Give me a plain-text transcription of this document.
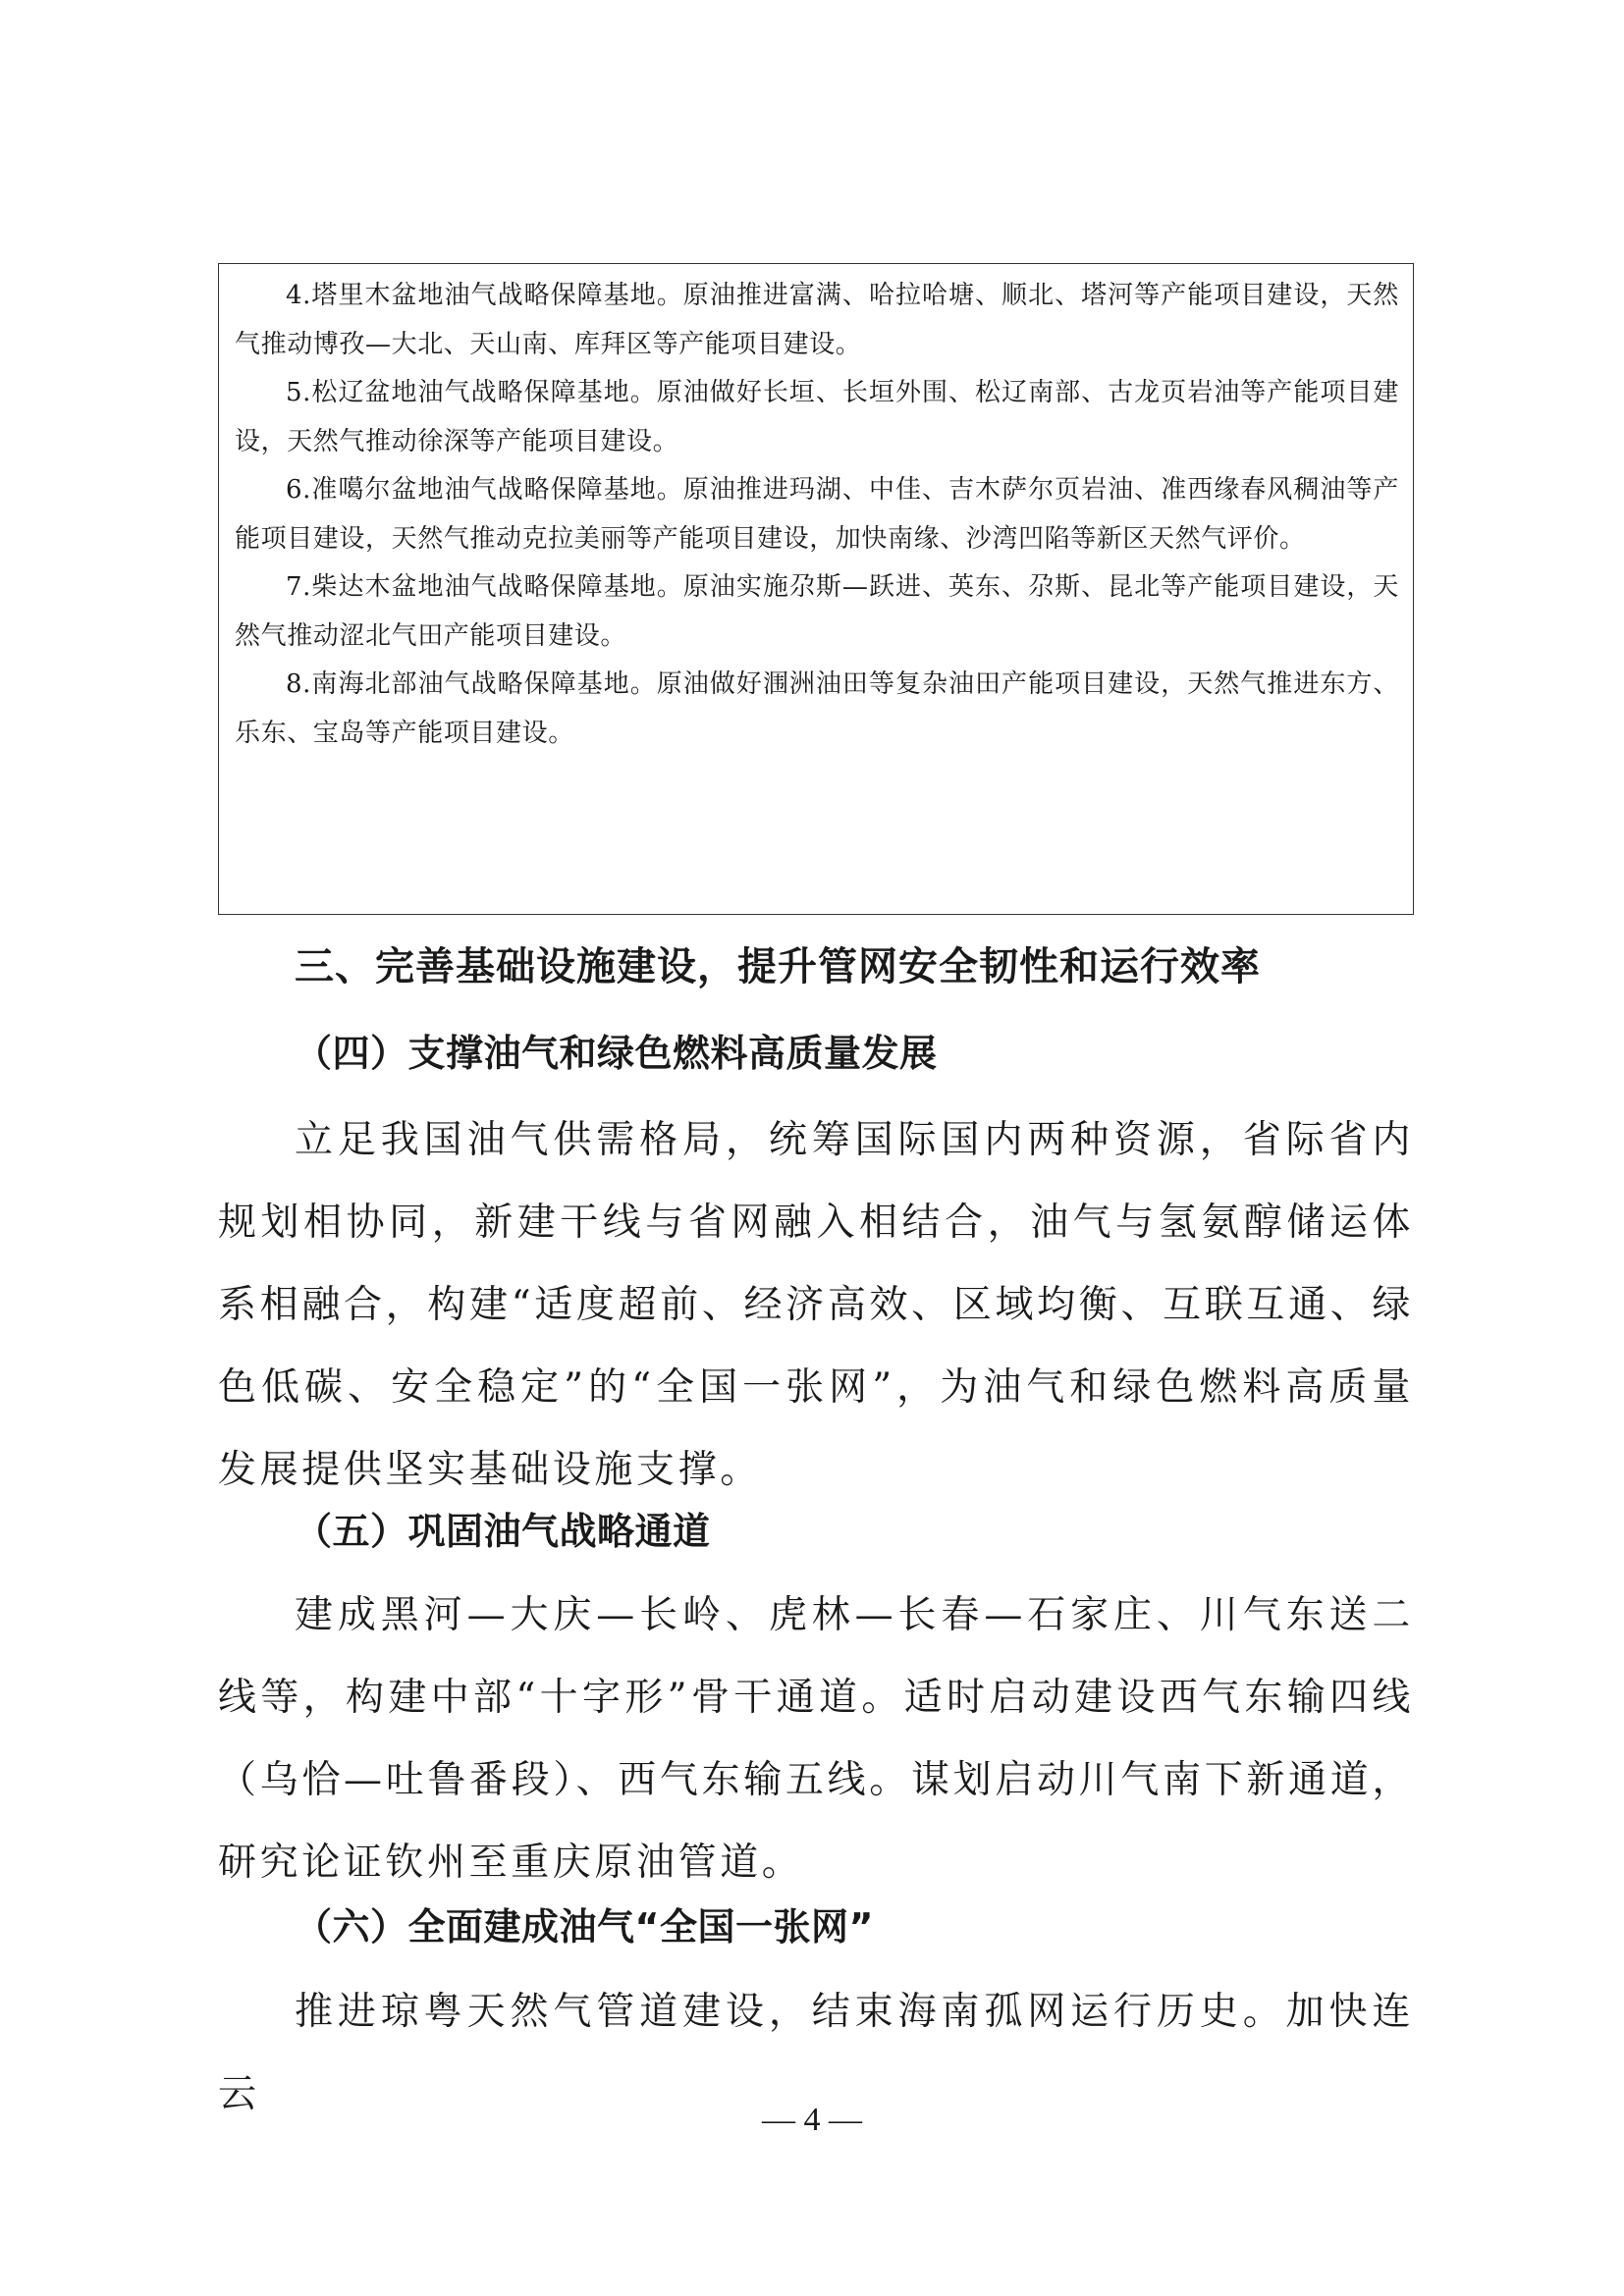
4.塔里木盆地油气战略保障基地。原油推进富满、哈拉哈塘、顺北、塔河等产能项目建设，天然气推动博孜—大北、天山南、库拜区等产能项目建设。

5.松辽盆地油气战略保障基地。原油做好长垣、长垣外围、松辽南部、古龙页岩油等产能项目建设，天然气推动徐深等产能项目建设。

6.准噶尔盆地油气战略保障基地。原油推进玛湖、中佳、吉木萨尔页岩油、准西缘春风稠油等产能项目建设，天然气推动克拉美丽等产能项目建设，加快南缘、沙湾凹陷等新区天然气评价。

7.柴达木盆地油气战略保障基地。原油实施尕斯—跃进、英东、尕斯、昆北等产能项目建设，天然气推动涩北气田产能项目建设。

8.南海北部油气战略保障基地。原油做好涠洲油田等复杂油田产能项目建设，天然气推进东方、乐东、宝岛等产能项目建设。

三、完善基础设施建设，提升管网安全韧性和运行效率
（四）支撑油气和绿色燃料高质量发展

立足我国油气供需格局，统筹国际国内两种资源，省际省内规划相协同，新建干线与省网融入相结合，油气与氢氨醇储运体系相融合，构建“适度超前、经济高效、区域均衡、互联互通、绿色低碳、安全稳定”的“全国一张网”，为油气和绿色燃料高质量发展提供坚实基础设施支撑。

（五）巩固油气战略通道

建成黑河—大庆—长岭、虎林—长春—石家庄、川气东送二线等，构建中部“十字形”骨干通道。适时启动建设西气东输四线（乌恰—吐鲁番段）、西气东输五线。谋划启动川气南下新通道，研究论证钦州至重庆原油管道。

（六）全面建成油气“全国一张网”

推进琼粤天然气管道建设，结束海南孤网运行历史。加快连云

— 4 —
